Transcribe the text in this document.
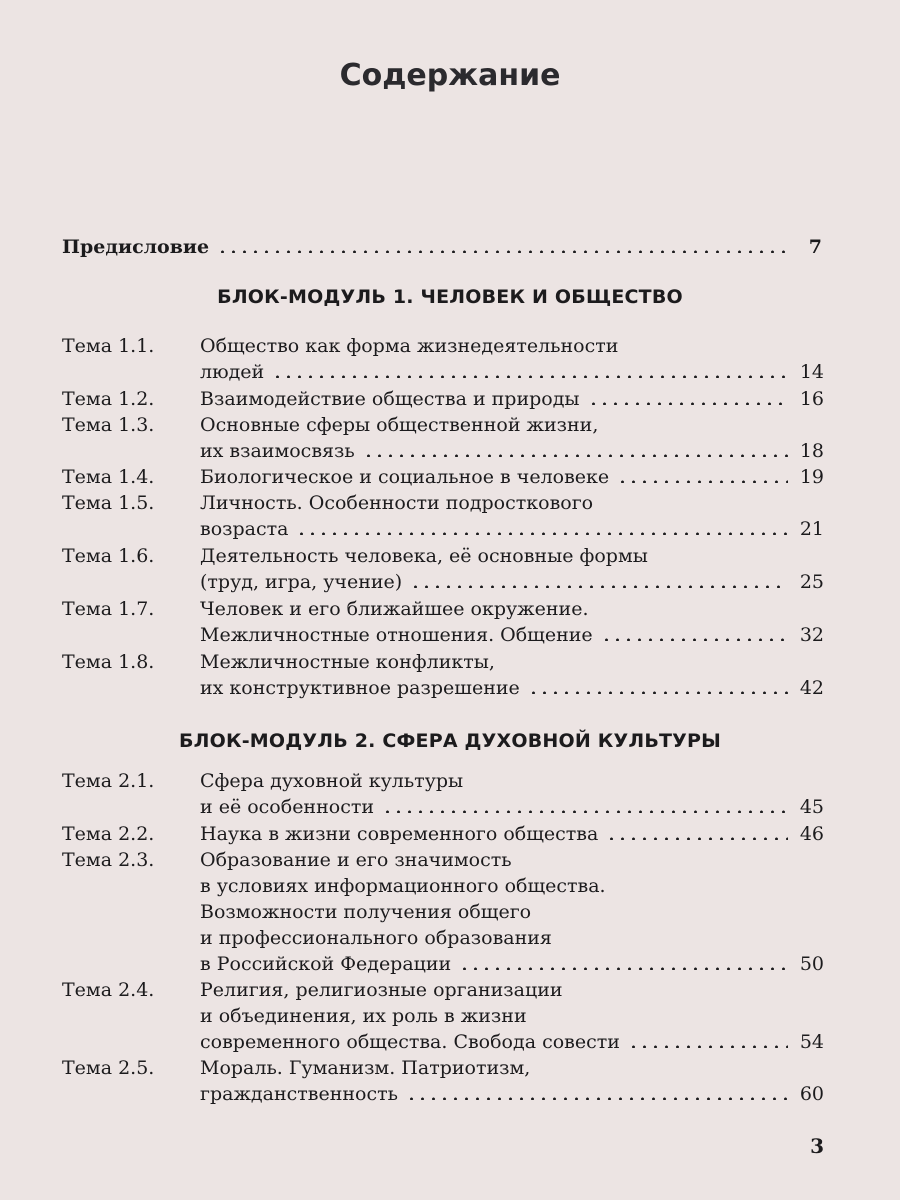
Содержание
Предисловие	7
БЛОК-МОДУЛЬ 1. ЧЕЛОВЕК И ОБЩЕСТВО
Тема 1.1.	Общество как форма жизнедеятельности
людей	14
Тема 1.2.	Взаимодействие общества и природы	16
Тема 1.3.	Основные сферы общественной жизни,
их взаимосвязь	18
Тема 1.4.	Биологическое и социальное в человеке	19
Тема 1.5.	Личность. Особенности подросткового
возраста	21
Тема 1.6.	Деятельность человека, её основные формы
(труд, игра, учение)	25
Тема 1.7.	Человек и его ближайшее окружение.
Межличностные отношения. Общение	32
Тема 1.8.	Межличностные конфликты,
их конструктивное разрешение	42
БЛОК-МОДУЛЬ 2. СФЕРА ДУХОВНОЙ КУЛЬТУРЫ
Тема 2.1.	Сфера духовной культуры
и её особенности	45
Тема 2.2.	Наука в жизни современного общества	46
Тема 2.3.	Образование и его значимость
в условиях информационного общества.
Возможности получения общего
и профессионального образования
в Российской Федерации	50
Тема 2.4.	Религия, религиозные организации
и объединения, их роль в жизни
современного общества. Свобода совести	54
Тема 2.5.	Мораль. Гуманизм. Патриотизм,
гражданственность	60
3
